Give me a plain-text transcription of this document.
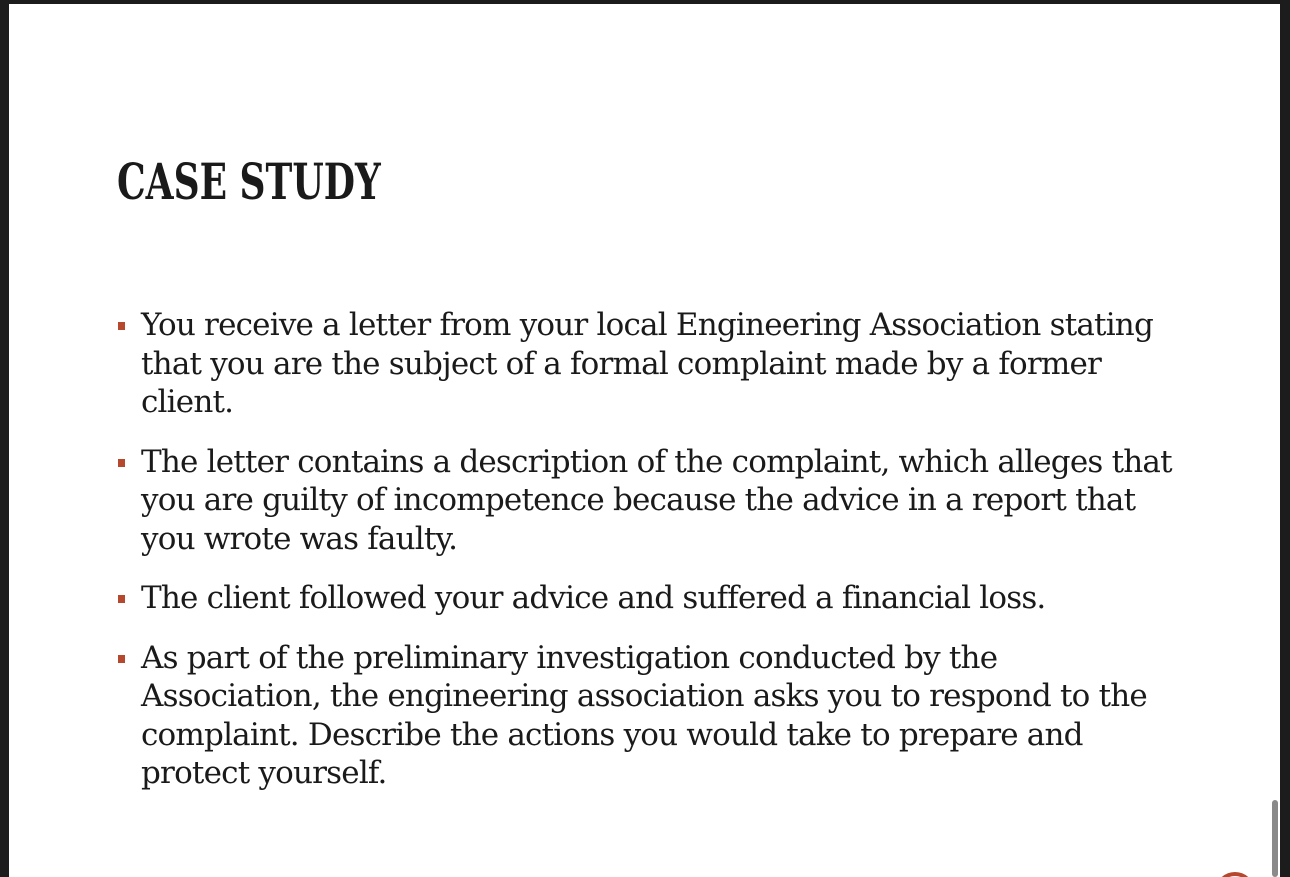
CASE STUDY
You receive a letter from your local Engineering Association stating that you are the subject of a formal complaint made by a former client.
The letter contains a description of the complaint, which alleges that you are guilty of incompetence because the advice in a report that you wrote was faulty.
The client followed your advice and suffered a financial loss.
As part of the preliminary investigation conducted by the Association, the engineering association asks you to respond to the complaint. Describe the actions you would take to prepare and protect yourself.
